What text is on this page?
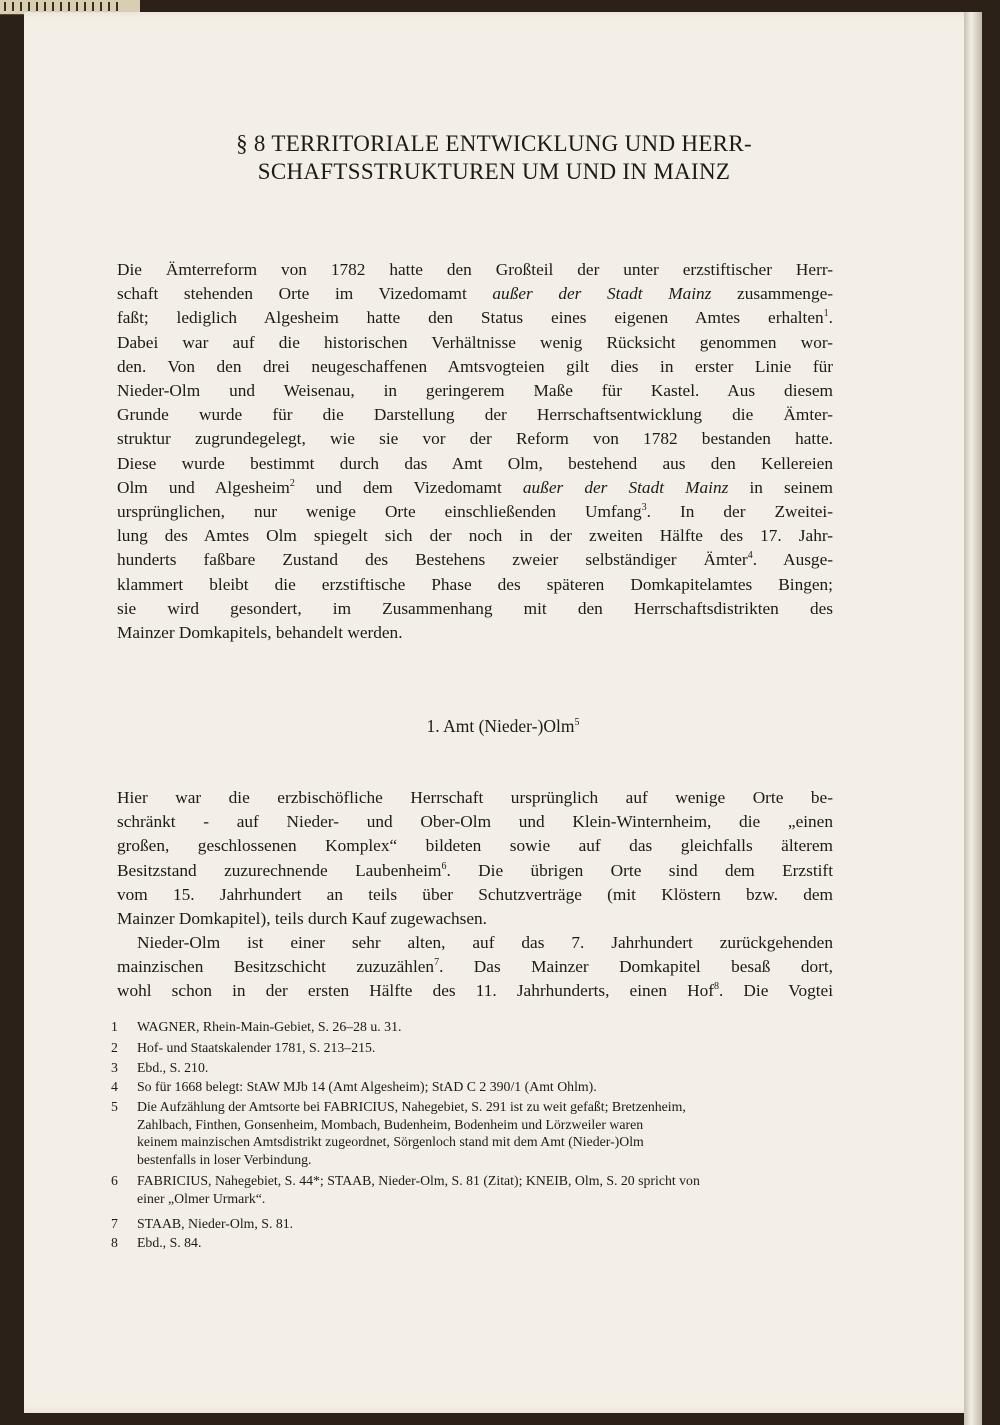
§ 8 TERRITORIALE ENTWICKLUNG UND HERR-
SCHAFTSSTRUKTUREN UM UND IN MAINZ
Die Ämterreform von 1782 hatte den Großteil der unter erzstiftischer Herr-
schaft stehenden Orte im Vizedomamt außer der Stadt Mainz zusammenge-
faßt; lediglich Algesheim hatte den Status eines eigenen Amtes erhalten$^1$.
Dabei war auf die historischen Verhältnisse wenig Rücksicht genommen wor-
den. Von den drei neugeschaffenen Amtsvogteien gilt dies in erster Linie für
Nieder-Olm und Weisenau, in geringerem Maße für Kastel. Aus diesem
Grunde wurde für die Darstellung der Herrschaftsentwicklung die Ämter-
struktur zugrundegelegt, wie sie vor der Reform von 1782 bestanden hatte.
Diese wurde bestimmt durch das Amt Olm, bestehend aus den Kellereien
Olm und Algesheim$^2$ und dem Vizedomamt außer der Stadt Mainz in seinem
ursprünglichen, nur wenige Orte einschließenden Umfang$^3$. In der Zweitei-
lung des Amtes Olm spiegelt sich der noch in der zweiten Hälfte des 17. Jahr-
hunderts faßbare Zustand des Bestehens zweier selbständiger Ämter$^4$. Ausge-
klammert bleibt die erzstiftische Phase des späteren Domkapitelamtes Bingen;
sie wird gesondert, im Zusammenhang mit den Herrschaftsdistrikten des
Mainzer Domkapitels, behandelt werden.
1. Amt (Nieder-)Olm$^5$
Hier war die erzbischöfliche Herrschaft ursprünglich auf wenige Orte be-
schränkt - auf Nieder- und Ober-Olm und Klein-Winternheim, die „einen
großen, geschlossenen Komplex“ bildeten sowie auf das gleichfalls älterem
Besitzstand zuzurechnende Laubenheim$^6$. Die übrigen Orte sind dem Erzstift
vom 15. Jahrhundert an teils über Schutzverträge (mit Klöstern bzw. dem
Mainzer Domkapitel), teils durch Kauf zugewachsen.
Nieder-Olm ist einer sehr alten, auf das 7. Jahrhundert zurückgehenden
mainzischen Besitzschicht zuzuzählen$^7$. Das Mainzer Domkapitel besaß dort,
wohl schon in der ersten Hälfte des 11. Jahrhunderts, einen Hof$^8$. Die Vogtei
1	WAGNER, Rhein-Main-Gebiet, S. 26–28 u. 31.
2	Hof- und Staatskalender 1781, S. 213–215.
3	Ebd., S. 210.
4	So für 1668 belegt: StAW MJb 14 (Amt Algesheim); StAD C 2 390/1 (Amt Ohlm).
5	Die Aufzählung der Amtsorte bei FABRICIUS, Nahegebiet, S. 291 ist zu weit gefaßt; Bretzenheim,
Zahlbach, Finthen, Gonsenheim, Mombach, Budenheim, Bodenheim und Lörzweiler waren
keinem mainzischen Amtsdistrikt zugeordnet, Sörgenloch stand mit dem Amt (Nieder-)Olm
bestenfalls in loser Verbindung.
6	FABRICIUS, Nahegebiet, S. 44*; STAAB, Nieder-Olm, S. 81 (Zitat); KNEIB, Olm, S. 20 spricht von
einer „Olmer Urmark“.
7	STAAB, Nieder-Olm, S. 81.
8	Ebd., S. 84.
